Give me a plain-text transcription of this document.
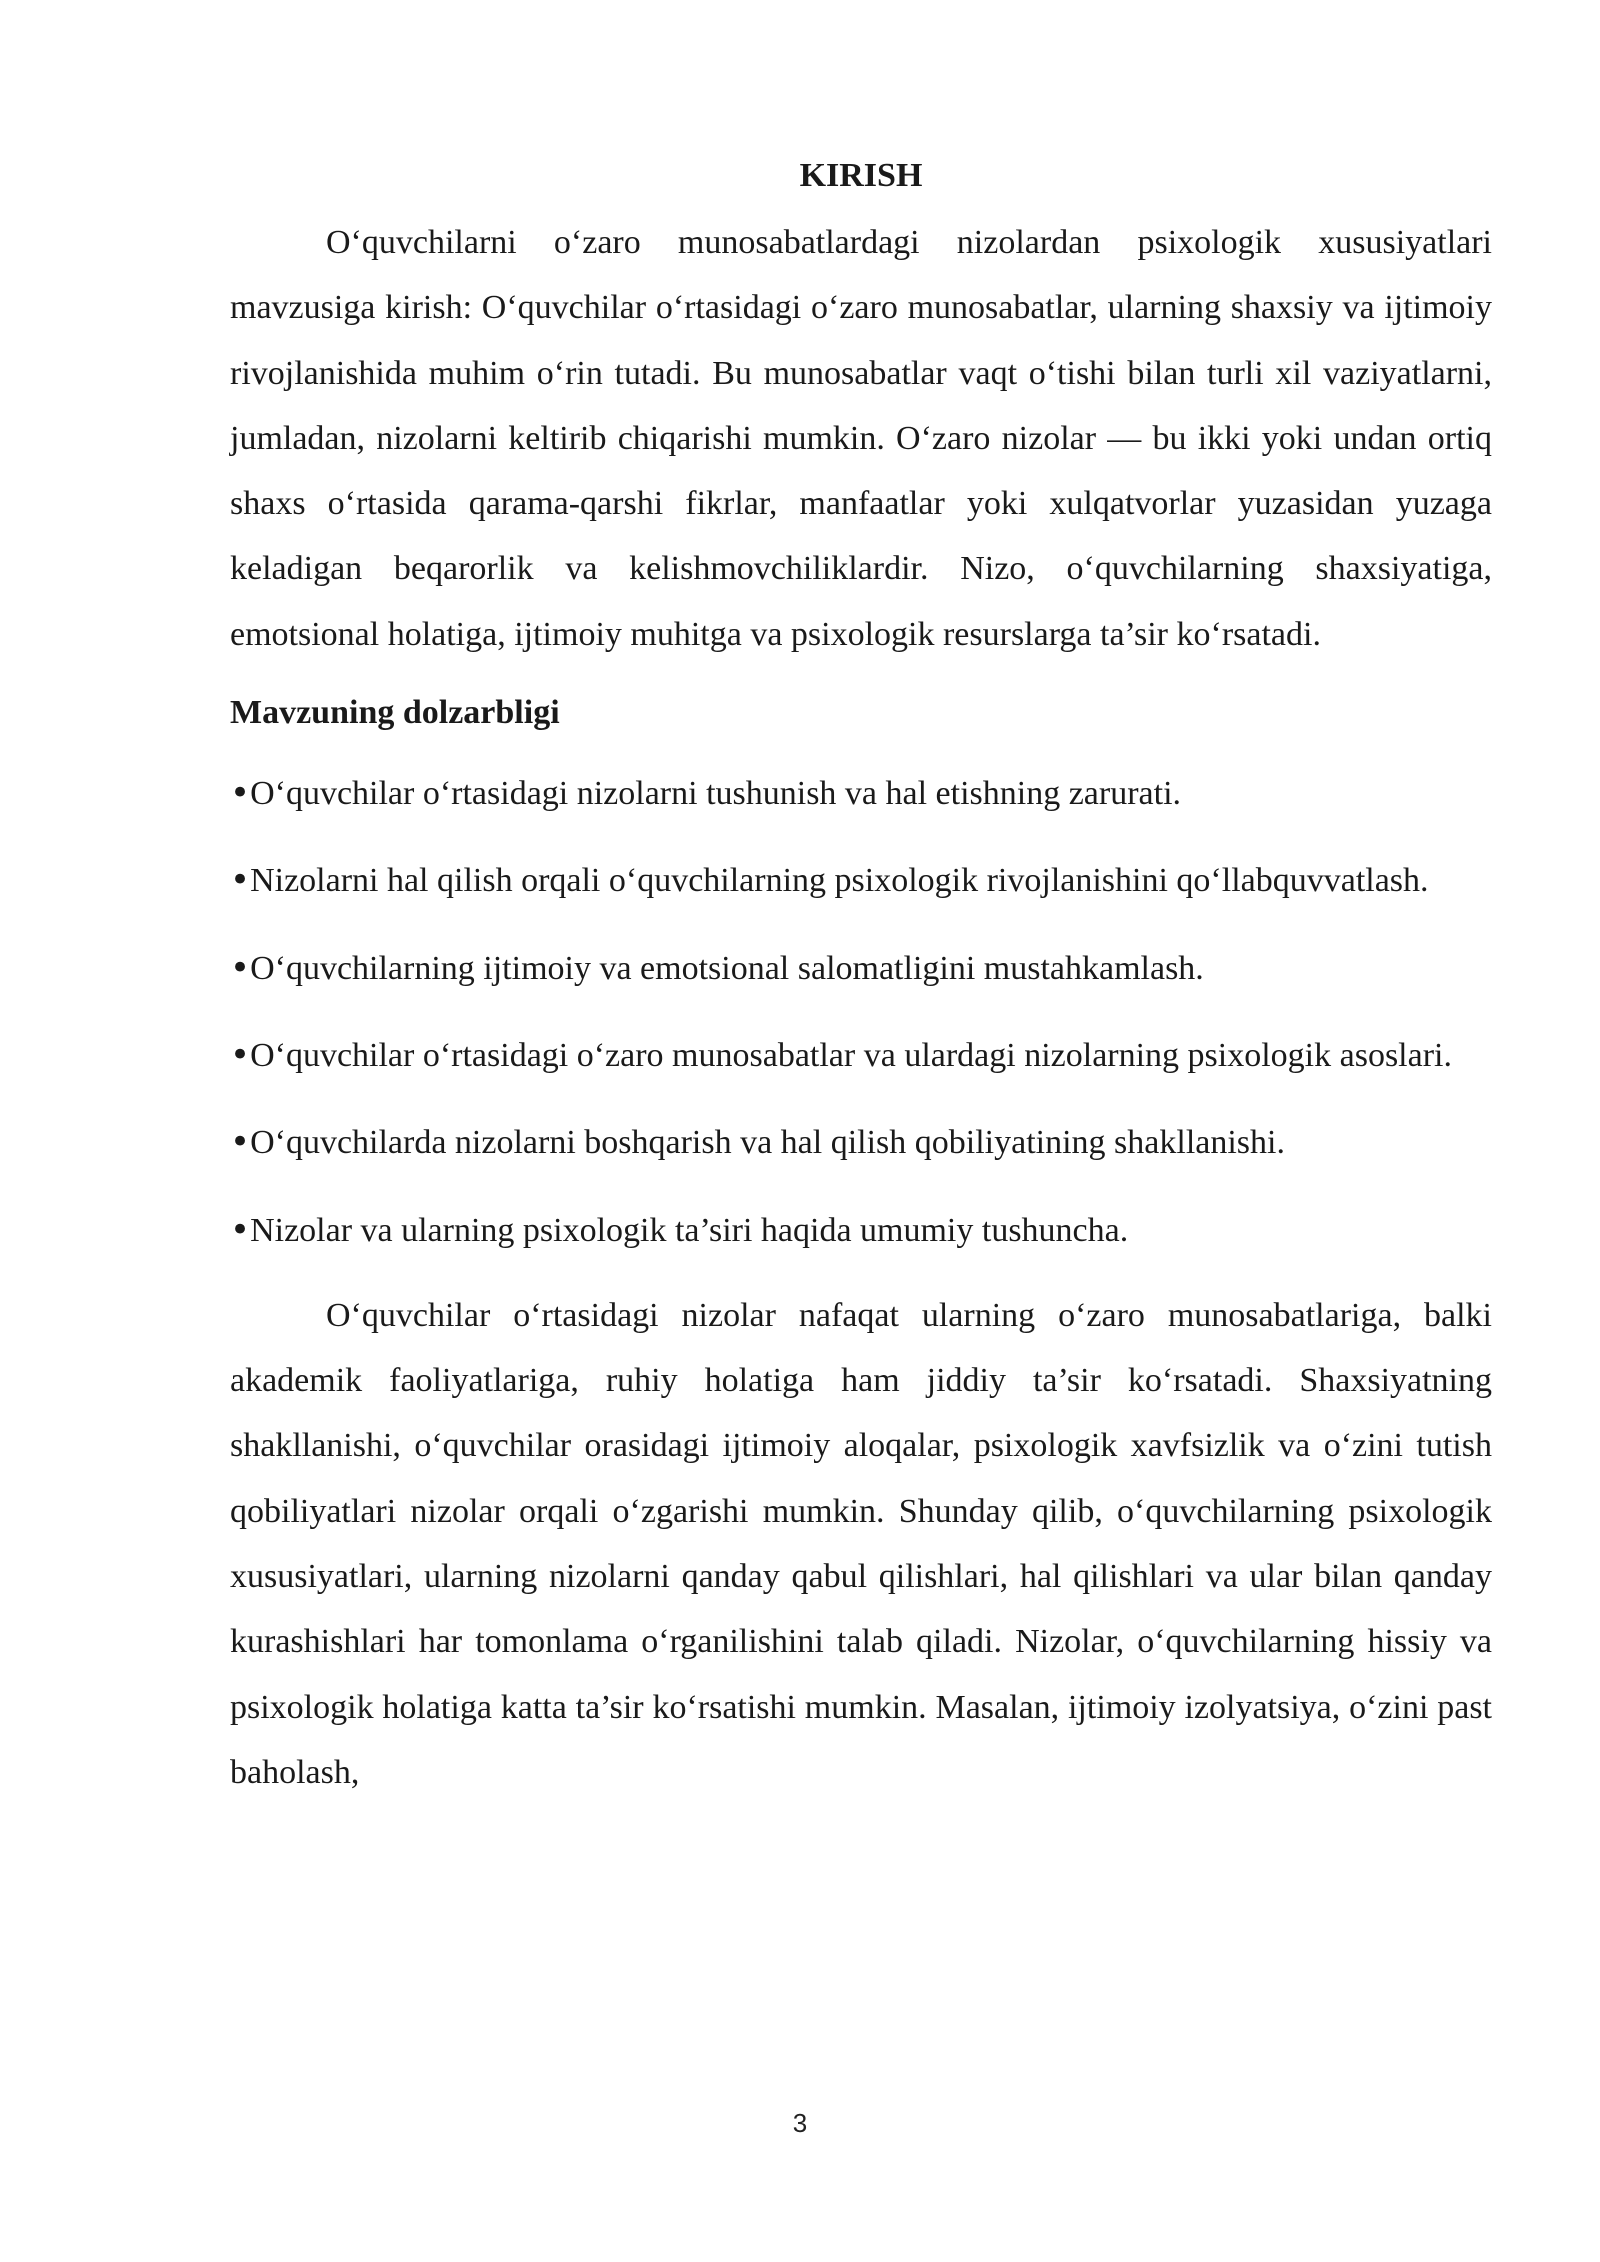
KIRISH

O‘quvchilarni o‘zaro munosabatlardagi nizolardan psixologik xususiyatlari mavzusiga kirish: O‘quvchilar o‘rtasidagi o‘zaro munosabatlar, ularning shaxsiy va ijtimoiy rivojlanishida muhim o‘rin tutadi. Bu munosabatlar vaqt o‘tishi bilan turli xil vaziyatlarni, jumladan, nizolarni keltirib chiqarishi mumkin. O‘zaro nizolar — bu ikki yoki undan ortiq shaxs o‘rtasida qarama-qarshi fikrlar, manfaatlar yoki xulqatvorlar yuzasidan yuzaga keladigan beqarorlik va kelishmovchiliklardir. Nizo, o‘quvchilarning shaxsiyatiga, emotsional holatiga, ijtimoiy muhitga va psixologik resurslarga ta’sir ko‘rsatadi.

Mavzuning dolzarbligi
•O‘quvchilar o‘rtasidagi nizolarni tushunish va hal etishning zarurati.
•Nizolarni hal qilish orqali o‘quvchilarning psixologik rivojlanishini qo‘llabquvvatlash.
•O‘quvchilarning ijtimoiy va emotsional salomatligini mustahkamlash.
•O‘quvchilar o‘rtasidagi o‘zaro munosabatlar va ulardagi nizolarning psixologik asoslari.
•O‘quvchilarda nizolarni boshqarish va hal qilish qobiliyatining shakllanishi.
•Nizolar va ularning psixologik ta’siri haqida umumiy tushuncha.

O‘quvchilar o‘rtasidagi nizolar nafaqat ularning o‘zaro munosabatlariga, balki akademik faoliyatlariga, ruhiy holatiga ham jiddiy ta’sir ko‘rsatadi. Shaxsiyatning shakllanishi, o‘quvchilar orasidagi ijtimoiy aloqalar, psixologik xavfsizlik va o‘zini tutish qobiliyatlari nizolar orqali o‘zgarishi mumkin. Shunday qilib, o‘quvchilarning psixologik xususiyatlari, ularning nizolarni qanday qabul qilishlari, hal qilishlari va ular bilan qanday kurashishlari har tomonlama o‘rganilishini talab qiladi. Nizolar, o‘quvchilarning hissiy va psixologik holatiga katta ta’sir ko‘rsatishi mumkin. Masalan, ijtimoiy izolyatsiya, o‘zini past baholash,

3
